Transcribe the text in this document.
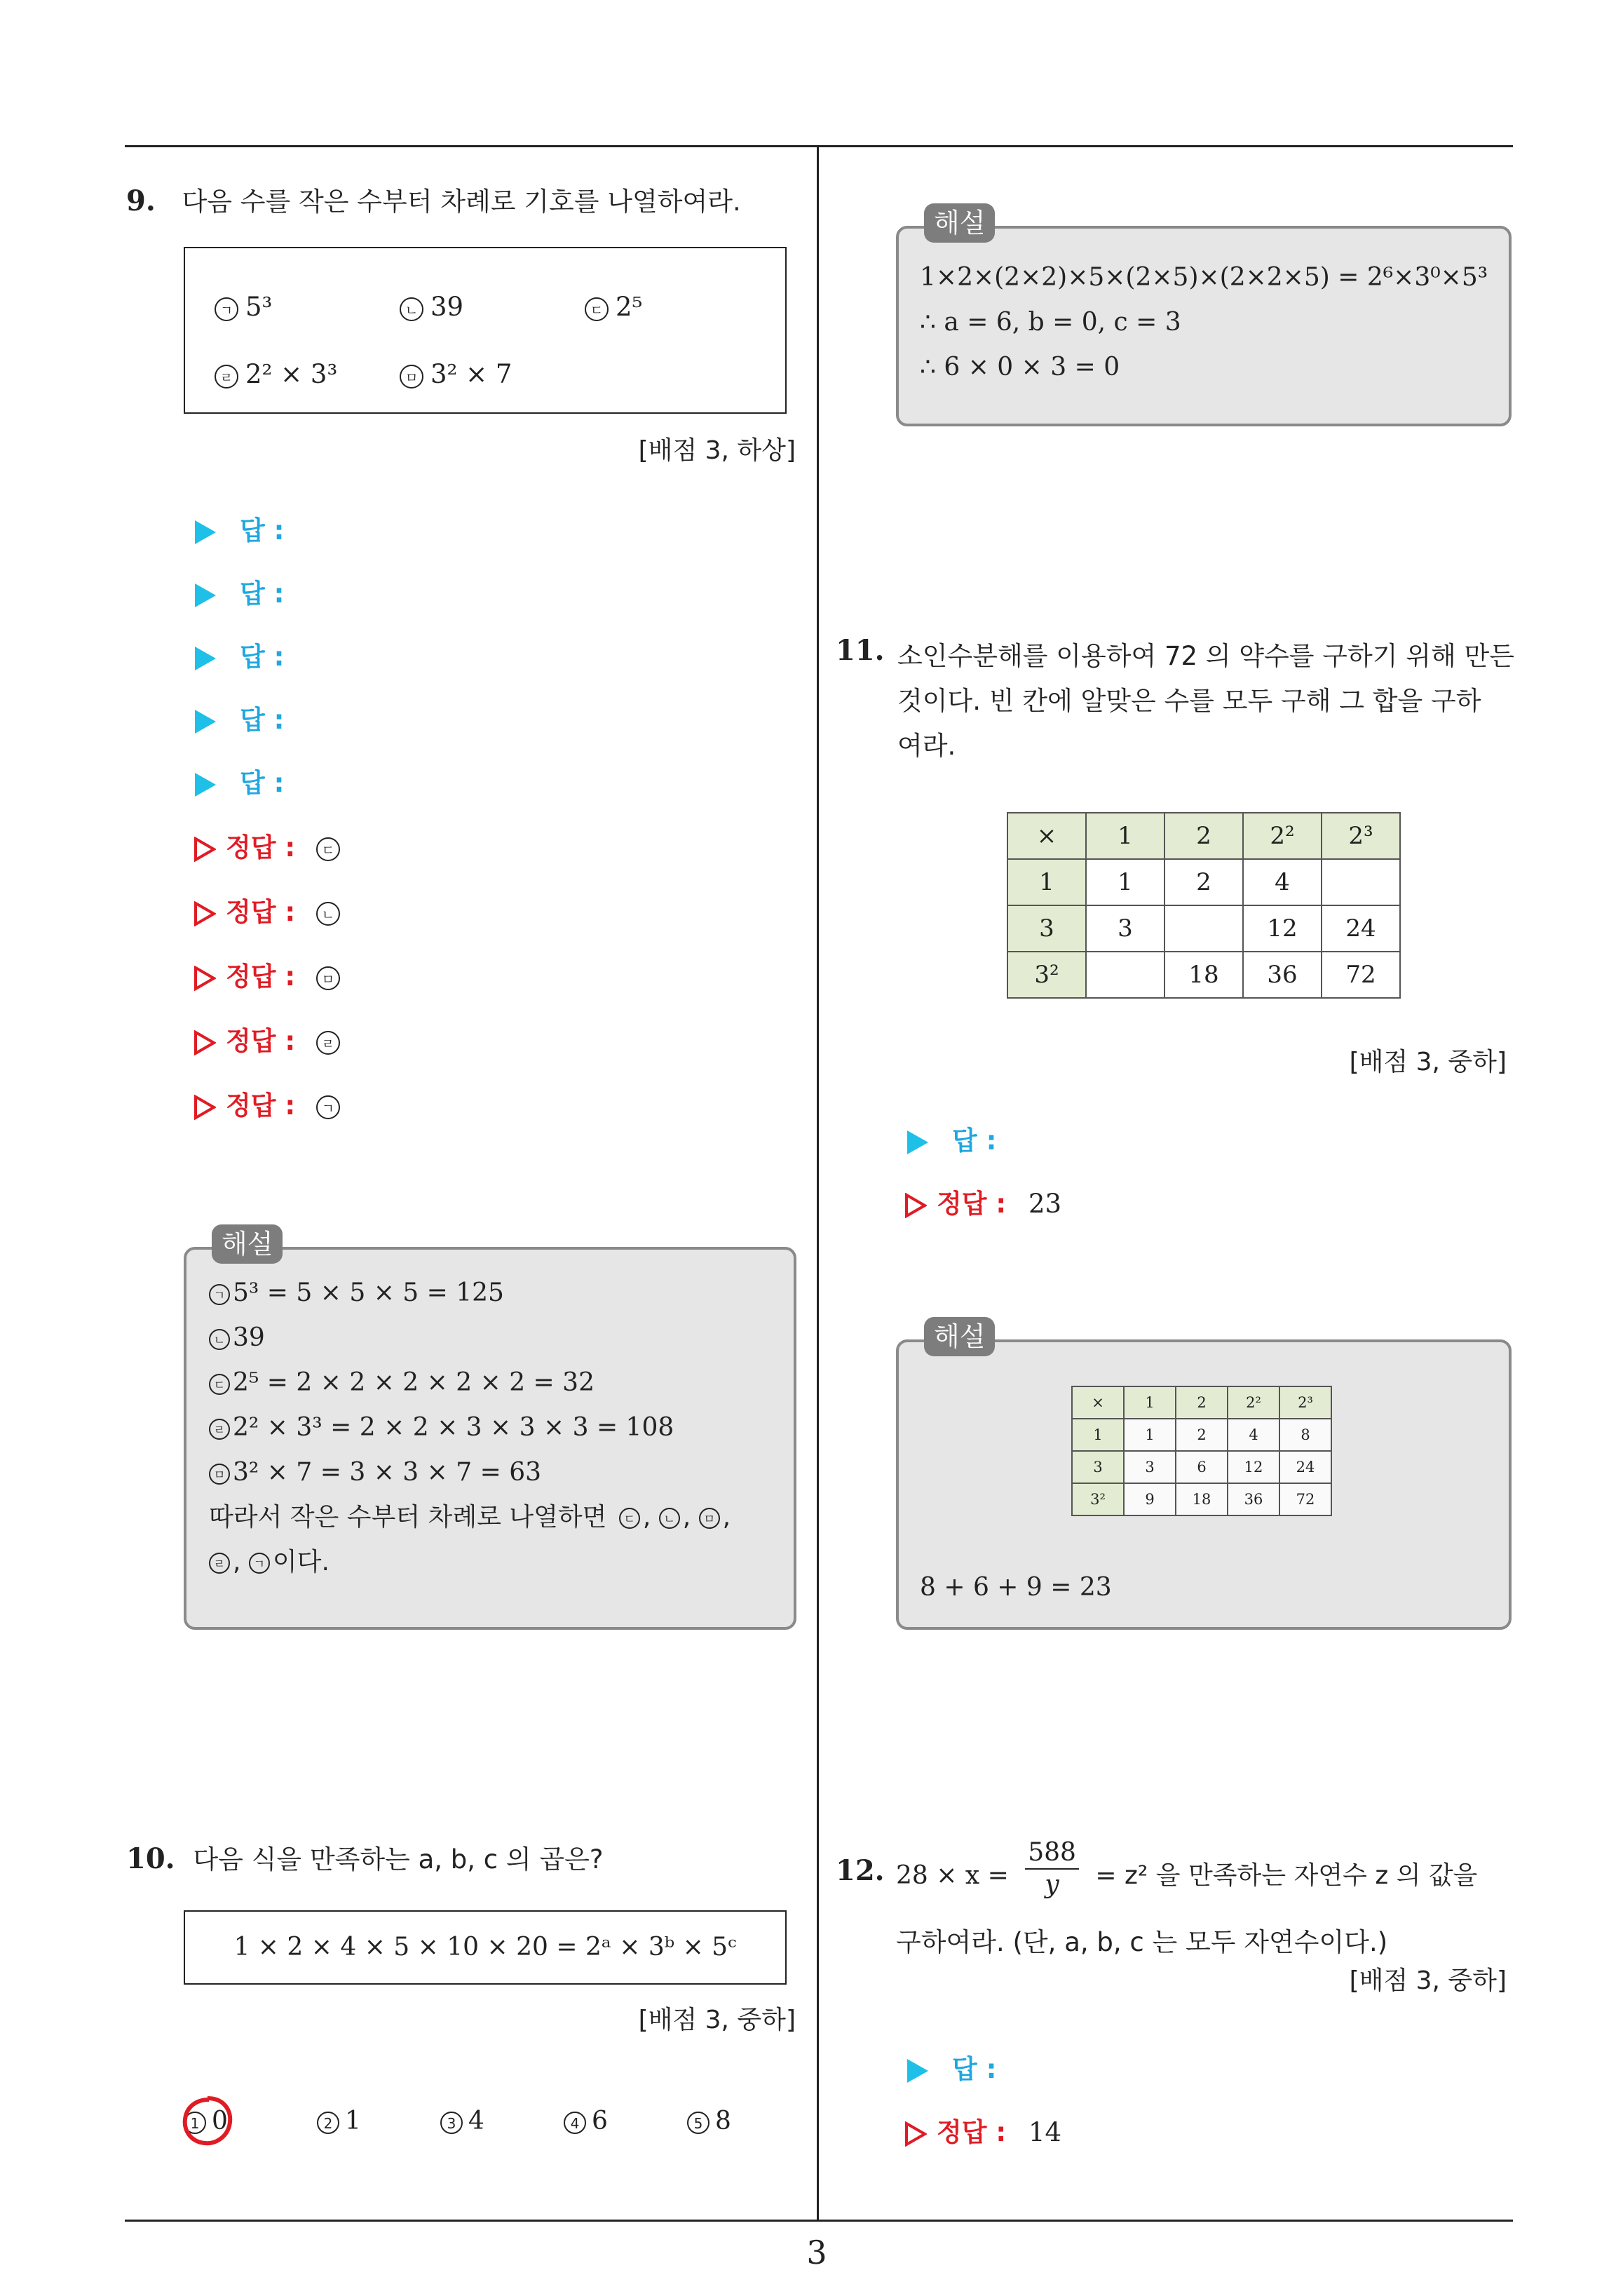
3
9. 다음 수를 작은 수부터 차례로 기호를 나열하여라.
ㄱ 5³	ㄴ 39	ㄷ 2⁵
ㄹ 2² × 3³	ㅁ 3² × 7
[배점 3, 하상]
답 :
답 :
답 :
답 :
답 :
정답 : ㄷ
정답 : ㄴ
정답 : ㅁ
정답 : ㄹ
정답 : ㄱ
ㄱ 5³ = 5 × 5 × 5 = 125
ㄴ 39
ㄷ 2⁵ = 2 × 2 × 2 × 2 × 2 = 32
ㄹ 2² × 3³ = 2 × 2 × 3 × 3 × 3 = 108
ㅁ 3² × 7 = 3 × 3 × 7 = 63
따라서 작은 수부터 차례로 나열하면 ㄷ , ㄴ , ㅁ ,
ㄹ , ㄱ 이다.
해설
10. 다음 식을 만족하는 a, b, c 의 곱은?
1 × 2 × 4 × 5 × 10 × 20 = 2ᵃ × 3ᵇ × 5ᶜ
[배점 3, 중하]
1 0	2 1	3 4	4 6	5 8
1×2×(2×2)×5×(2×5)×(2×2×5) = 2⁶×3⁰×5³
∴ a = 6, b = 0, c = 3
∴ 6 × 0 × 3 = 0
해설
11. 소인수분해를 이용하여 72 의 약수를 구하기 위해 만든
것이다. 빈 칸에 알맞은 수를 모두 구해 그 합을 구하
여라.
×	1	2	2²	2³
1	1	2	4	
3	3		12	24
3²		18	36	72
[배점 3, 중하]
답 :
정답 : 23
×	1	2	2²	2³
1	1	2	4	8
3	3	6	12	24
3²	9	18	36	72
8 + 6 + 9 = 23
해설
12. $28 \times x = \frac{588}{y} = z^2$ 을 만족하는 자연수 z 의 값을
구하여라. (단, a, b, c 는 모두 자연수이다.)
[배점 3, 중하]
답 :
정답 : 14
